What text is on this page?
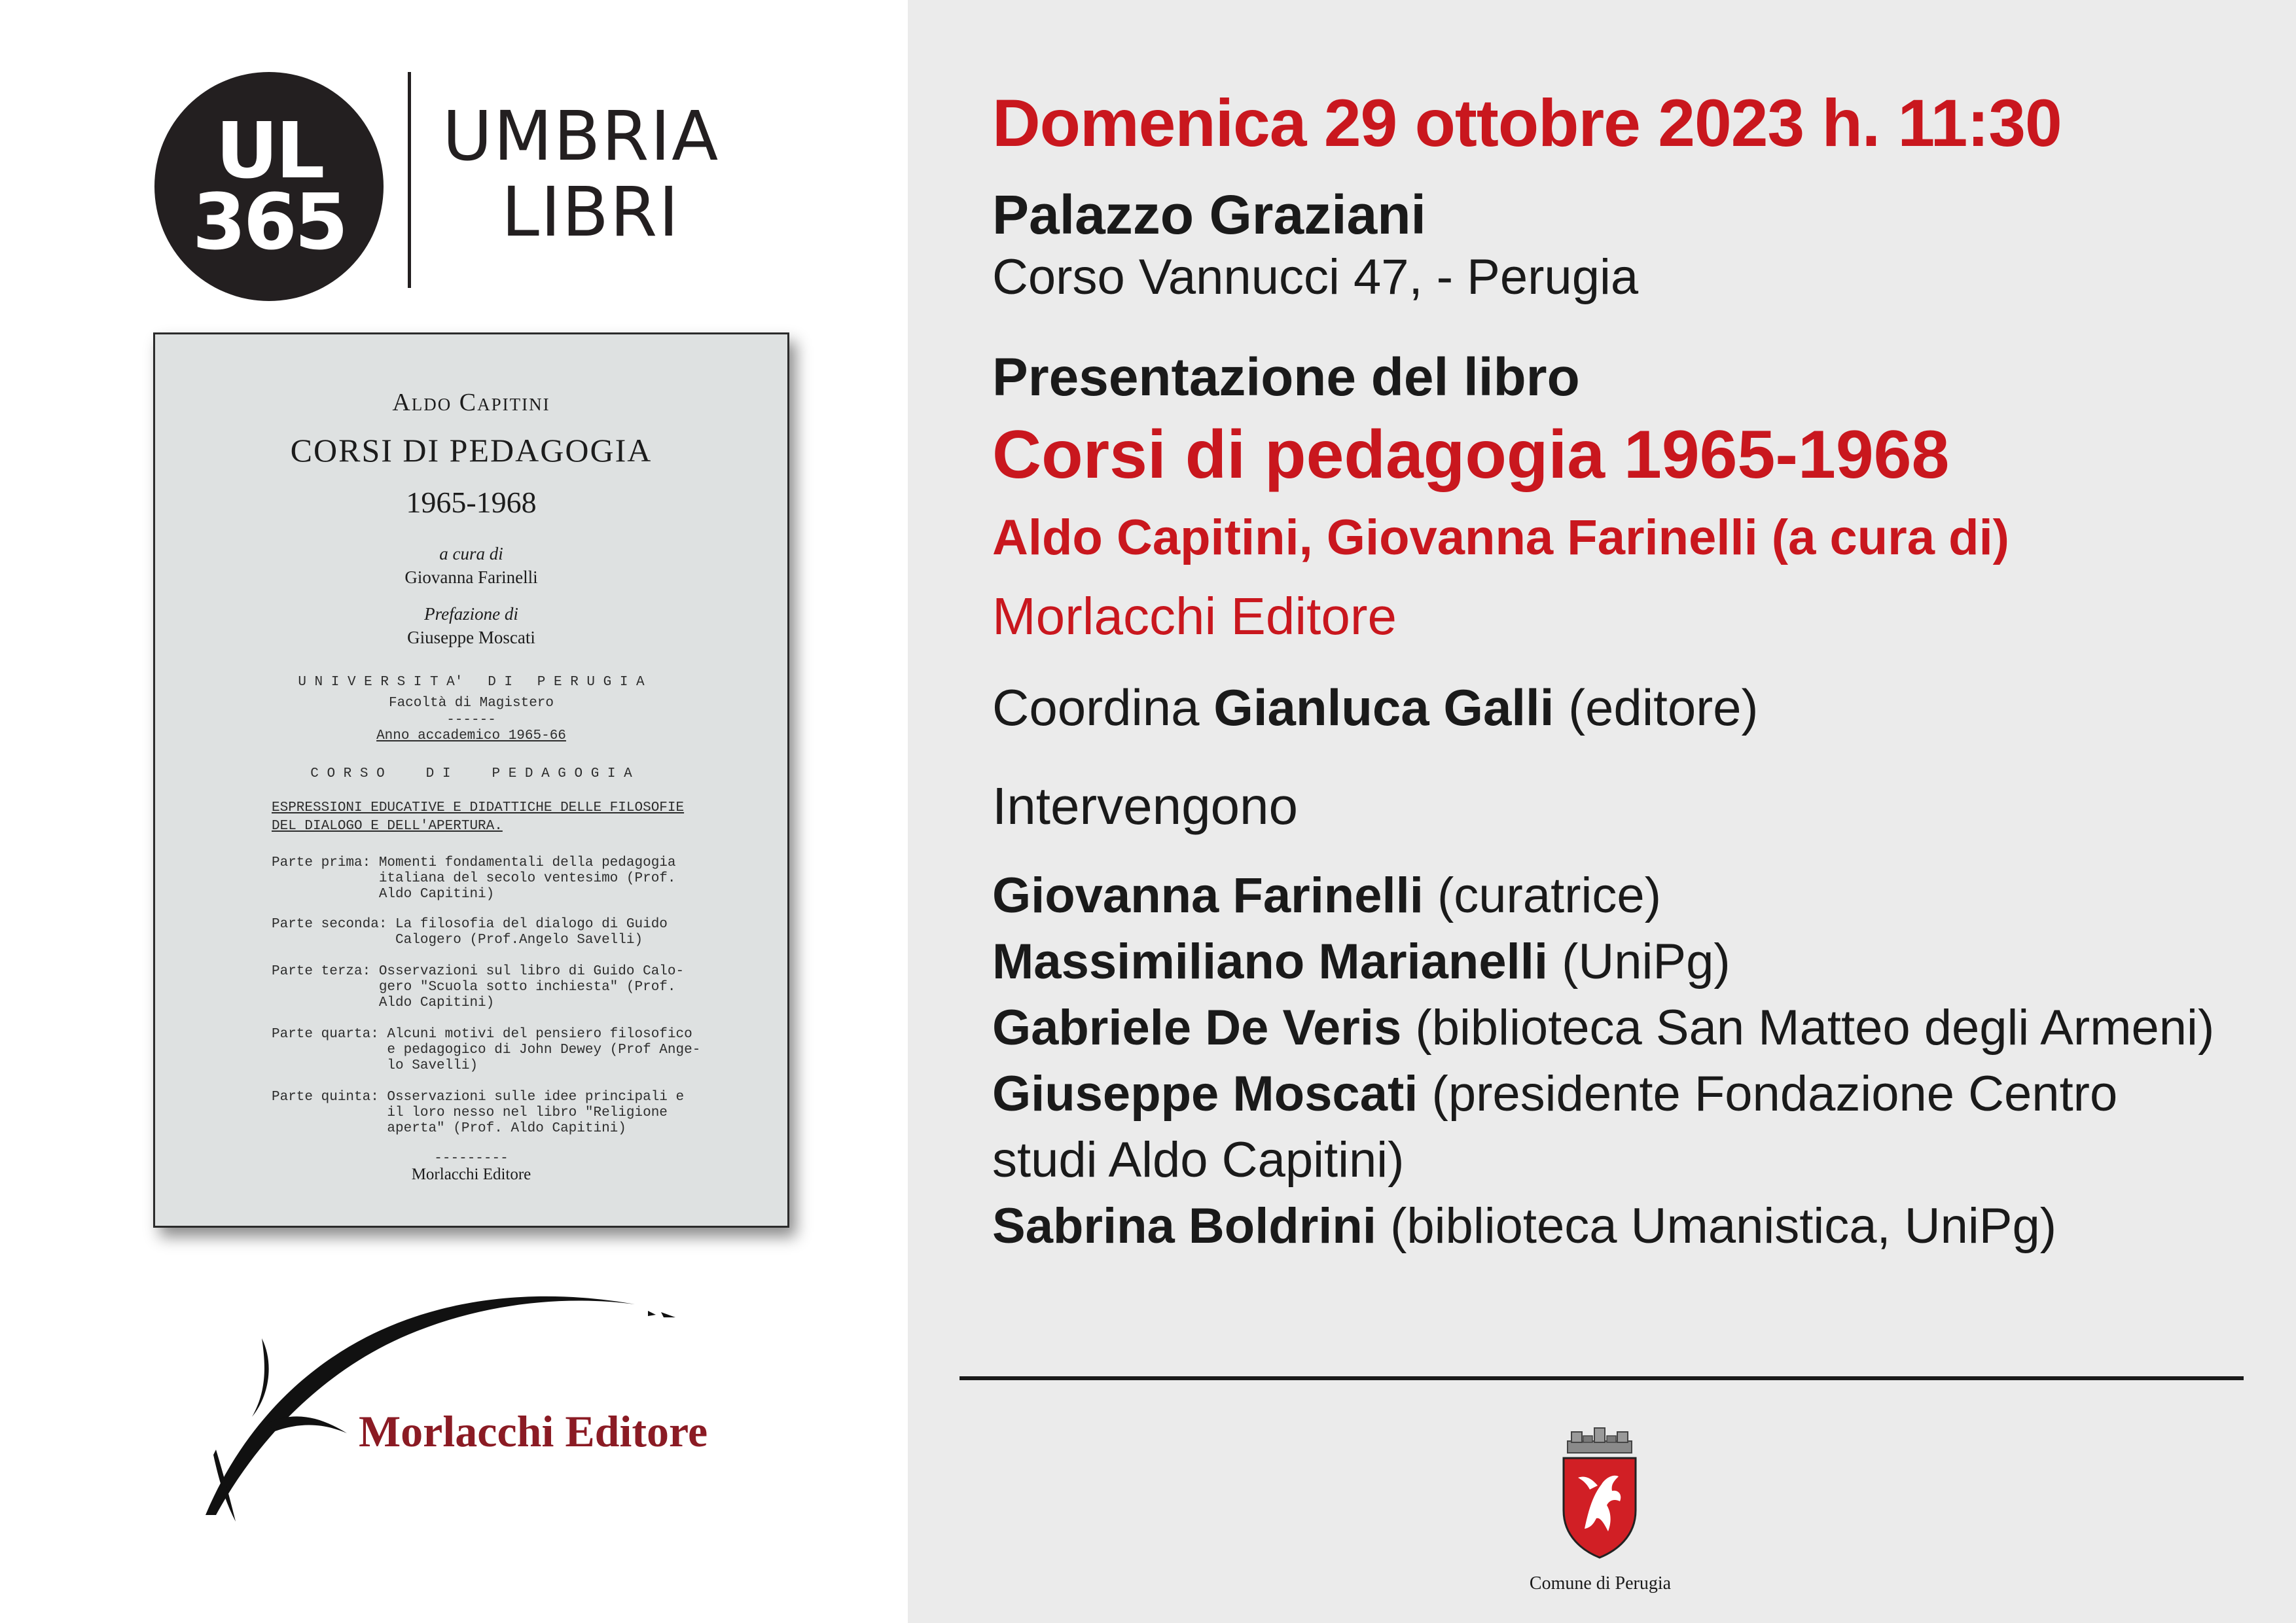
UL
365
UMBRIA
LIBRI
Aldo Capitini
CORSI DI PEDAGOGIA
1965-1968
a cura di
Giovanna Farinelli
Prefazione di
Giuseppe Moscati
U N I V E R S I T A'   D I   P E R U G I A
Facoltà di Magistero
------
Anno accademico 1965-66
C O R S O     D I     P E D A G O G I A
ESPRESSIONI EDUCATIVE E DIDATTICHE DELLE FILOSOFIE
DEL DIALOGO E DELL'APERTURA.
Parte prima: Momenti fondamentali della pedagogia
italiana del secolo ventesimo (Prof.
Aldo Capitini)
Parte seconda: La filosofia del dialogo di Guido
Calogero (Prof.Angelo Savelli)
Parte terza: Osservazioni sul libro di Guido Calo-
gero "Scuola sotto inchiesta" (Prof.
Aldo Capitini)
Parte quarta: Alcuni motivi del pensiero filosofico
e pedagogico di John Dewey (Prof Ange-
lo Savelli)
Parte quinta: Osservazioni sulle idee principali e
il loro nesso nel libro "Religione
aperta" (Prof. Aldo Capitini)
---------
Morlacchi Editore
Morlacchi Editore
Domenica 29 ottobre 2023 h. 11:30
Palazzo Graziani
Corso Vannucci 47, - Perugia
Presentazione del libro
Corsi di pedagogia 1965-1968
Aldo Capitini, Giovanna Farinelli (a cura di)
Morlacchi Editore
Coordina Gianluca Galli (editore)
Intervengono
Giovanna Farinelli (curatrice)
Massimiliano Marianelli (UniPg)
Gabriele De Veris (biblioteca San Matteo degli Armeni)
Giuseppe Moscati (presidente Fondazione Centro studi Aldo Capitini)
Sabrina Boldrini (biblioteca Umanistica, UniPg)
Comune di Perugia
